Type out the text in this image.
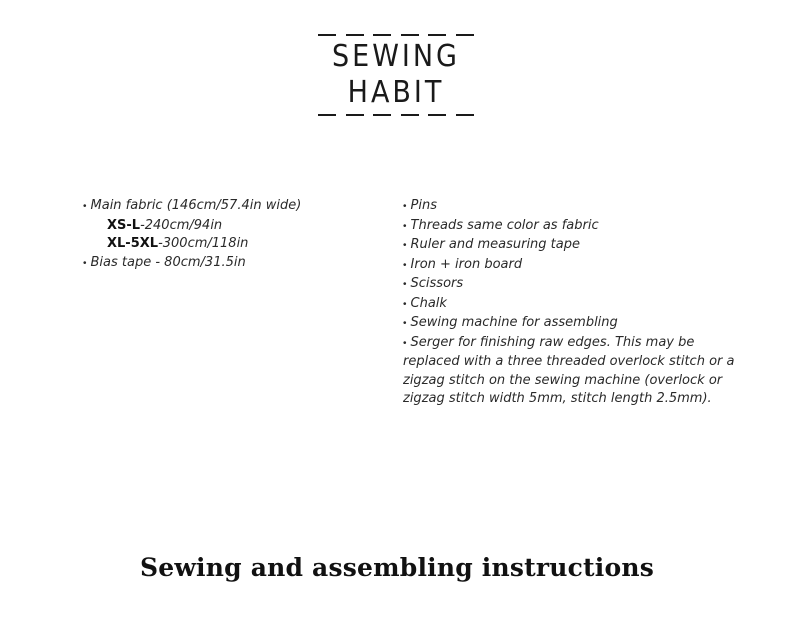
SEWING
HABIT
• Main fabric (146cm/57.4in wide)
XS-L-240cm/94in
XL-5XL-300cm/118in
• Bias tape - 80cm/31.5in
• Pins
• Threads same color as fabric
• Ruler and measuring tape
• Iron + iron board
• Scissors
• Chalk
• Sewing machine for assembling
• Serger for finishing raw edges. This may be
replaced with a three threaded overlock stitch or a
zigzag stitch on the sewing machine (overlock or
zigzag stitch width 5mm, stitch length 2.5mm).
Sewing and assembling instructions
